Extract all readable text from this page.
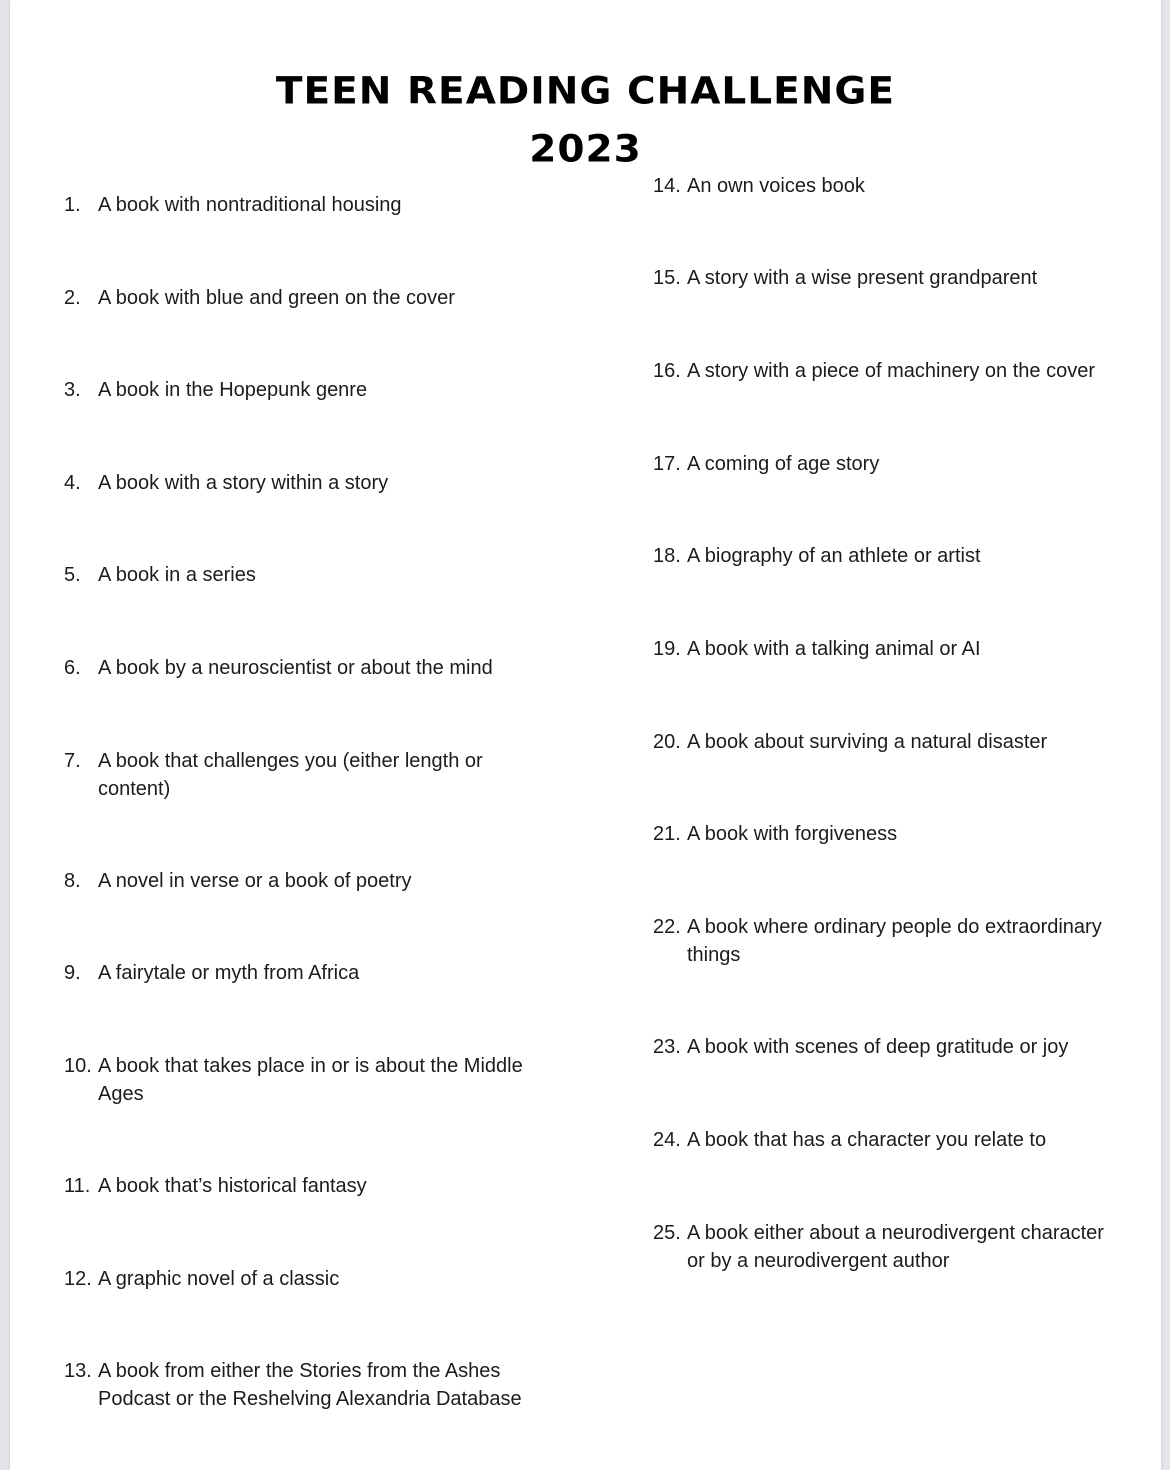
TEEN READING CHALLENGE
2023
1. A book with nontraditional housing
2. A book with blue and green on the cover
3. A book in the Hopepunk genre
4. A book with a story within a story
5. A book in a series
6. A book by a neuroscientist or about the mind
7. A book that challenges you (either length or
content)
8. A novel in verse or a book of poetry
9. A fairytale or myth from Africa
10. A book that takes place in or is about the Middle
Ages
11. A book that’s historical fantasy
12. A graphic novel of a classic
13. A book from either the Stories from the Ashes
Podcast or the Reshelving Alexandria Database
14. An own voices book
15. A story with a wise present grandparent
16. A story with a piece of machinery on the cover
17. A coming of age story
18. A biography of an athlete or artist
19. A book with a talking animal or AI
20. A book about surviving a natural disaster
21. A book with forgiveness
22. A book where ordinary people do extraordinary
things
23. A book with scenes of deep gratitude or joy
24. A book that has a character you relate to
25. A book either about a neurodivergent character
or by a neurodivergent author
